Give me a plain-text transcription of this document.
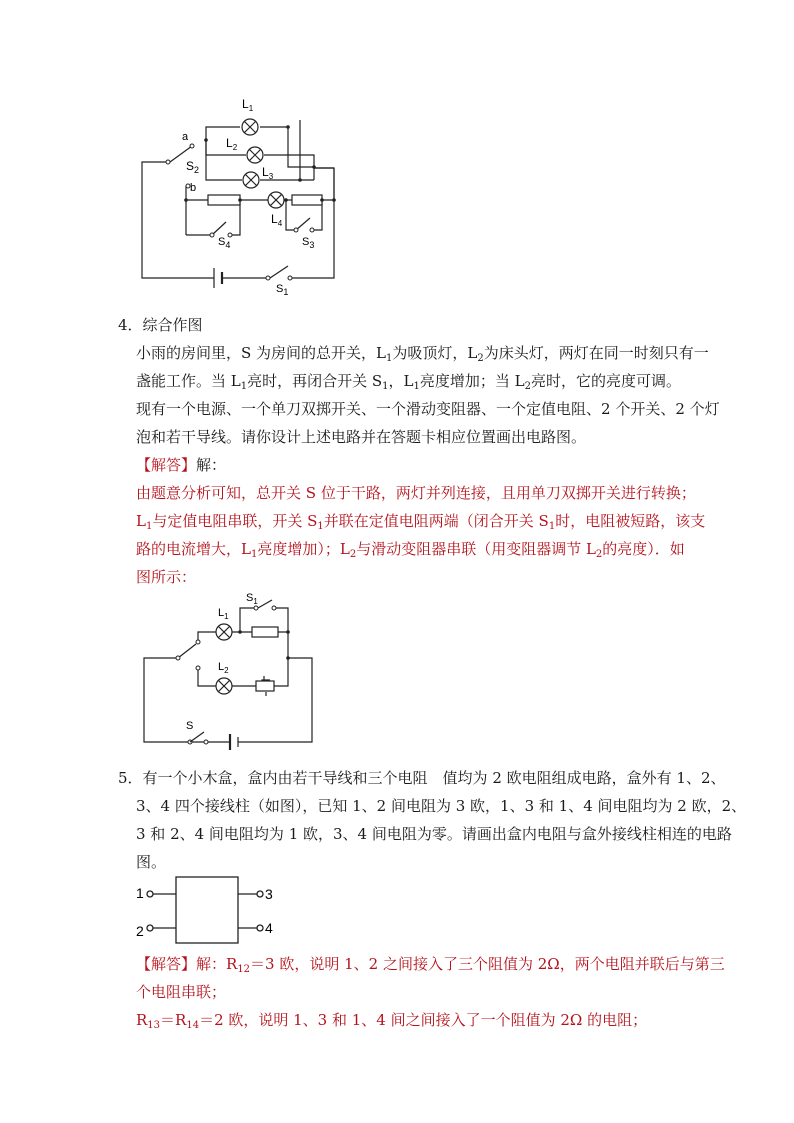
$L_1$
$L_2$
$L_3$
$L_4$
a
b
$S_2$
$S_4$	$S_3$
$S_1$
4．综合作图
小雨的房间里，S 为房间的总开关，$L_1$为吸顶灯，$L_2$为床头灯，两灯在同一时刻只有一
盏能工作。当 $L_1$亮时，再闭合开关 $S_1$，$L_1$亮度增加；当 $L_2$亮时，它的亮度可调。
现有一个电源、一个单刀双掷开关、一个滑动变阻器、一个定值电阻、2 个开关、2 个灯
泡和若干导线。请你设计上述电路并在答题卡相应位置画出电路图。
【解答】解：
由题意分析可知，总开关 S 位于干路，两灯并列连接，且用单刀双掷开关进行转换；
$L_1$与定值电阻串联，开关 $S_1$并联在定值电阻两端（闭合开关 $S_1$时，电阻被短路，该支
路的电流增大，$L_1$亮度增加）；$L_2$与滑动变阻器串联（用变阻器调节 $L_2$的亮度）．如
图所示：
$S_1$
$L_1$
$L_2$
S
5．有一个小木盒，盒内由若干导线和三个电阻　值均为 2 欧电阻组成电路，盒外有 1、2、
3、4 四个接线柱（如图），已知 1、2 间电阻为 3 欧，1、3 和 1、4 间电阻均为 2 欧，2、
3 和 2、4 间电阻均为 1 欧，3、4 间电阻为零。请画出盒内电阻与盒外接线柱相连的电路
图。
1
2
3
4
【解答】解：$R_{12}=3$ 欧，说明 1、2 之间接入了三个阻值为 2Ω，两个电阻并联后与第三
个电阻串联；
$R_{13}=R_{14}=2$ 欧，说明 1、3 和 1、4 间之间接入了一个阻值为 2Ω 的电阻；
